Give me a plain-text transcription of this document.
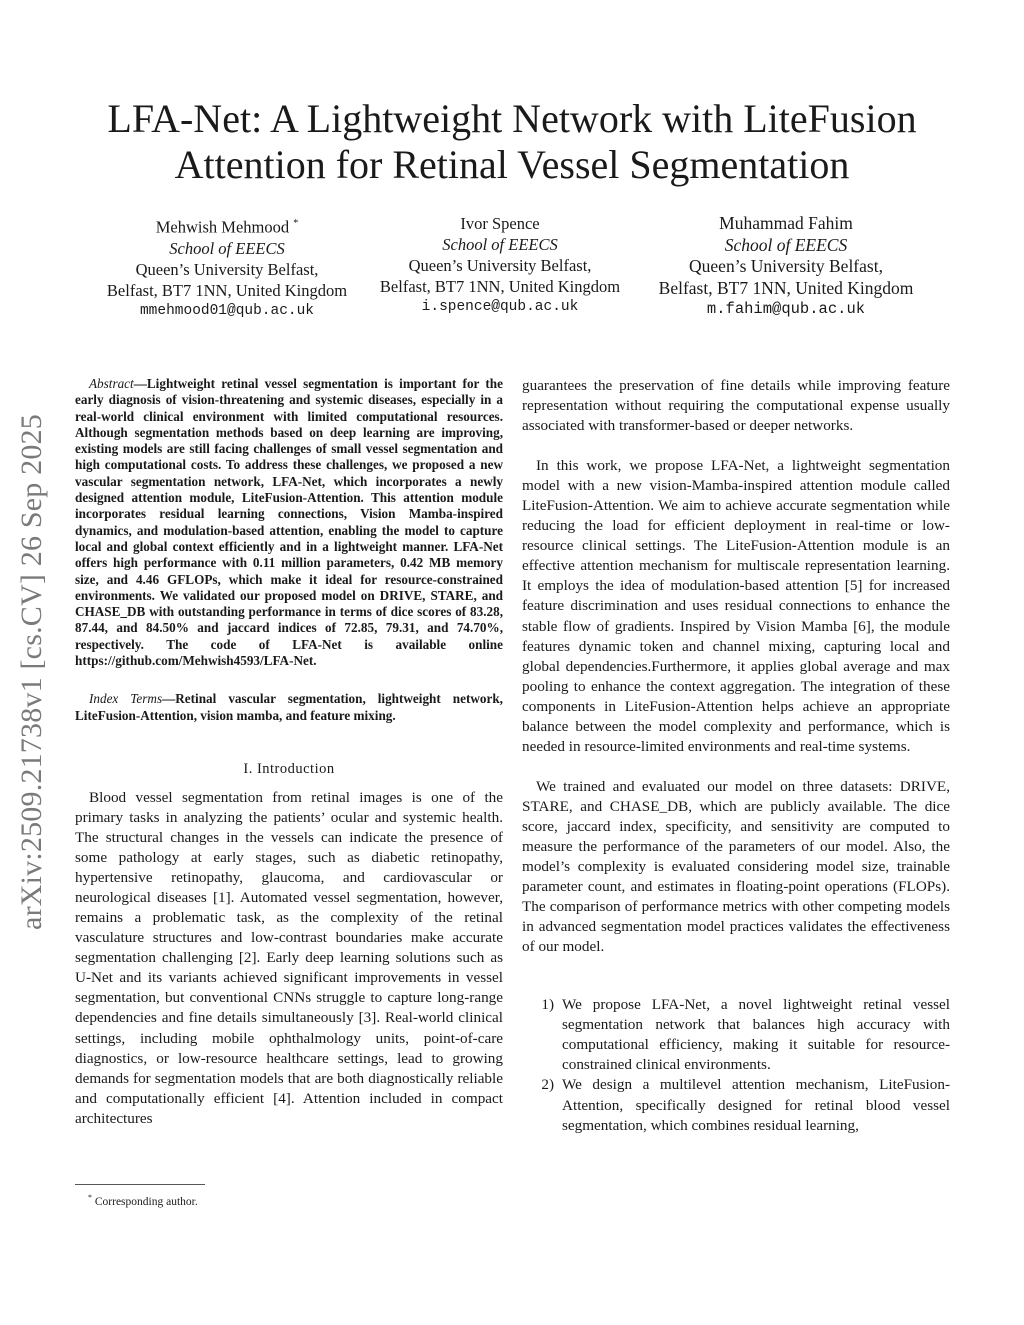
arXiv:2509.21738v1 [cs.CV] 26 Sep 2025
LFA-Net: A Lightweight Network with LiteFusion
Attention for Retinal Vessel Segmentation
Mehwish Mehmood *
School of EEECS
Queen’s University Belfast,
Belfast, BT7 1NN, United Kingdom
mmehmood01@qub.ac.uk
Ivor Spence
School of EEECS
Queen’s University Belfast,
Belfast, BT7 1NN, United Kingdom
i.spence@qub.ac.uk
Muhammad Fahim
School of EEECS
Queen’s University Belfast,
Belfast, BT7 1NN, United Kingdom
m.fahim@qub.ac.uk

Abstract—Lightweight retinal vessel segmentation is important for the early diagnosis of vision-threatening and systemic diseases, especially in a real-world clinical environment with limited computational resources. Although segmentation methods based on deep learning are improving, existing models are still facing challenges of small vessel segmentation and high computational costs. To address these challenges, we proposed a new vascular segmentation network, LFA-Net, which incorporates a newly designed attention module, LiteFusion-Attention. This attention module incorporates residual learning connections, Vision Mamba-inspired dynamics, and modulation-based attention, enabling the model to capture local and global context efficiently and in a lightweight manner. LFA-Net offers high performance with 0.11 million parameters, 0.42 MB memory size, and 4.46 GFLOPs, which make it ideal for resource-constrained environments. We validated our proposed model on DRIVE, STARE, and CHASE_DB with outstanding performance in terms of dice scores of 83.28, 87.44, and 84.50% and jaccard indices of 72.85, 79.31, and 74.70%, respectively. The code of LFA-Net is available online https://github.com/Mehwish4593/LFA-Net.

Index Terms—Retinal vascular segmentation, lightweight network, LiteFusion-Attention, vision mamba, and feature mixing.

I. Introduction

Blood vessel segmentation from retinal images is one of the primary tasks in analyzing the patients’ ocular and systemic health. The structural changes in the vessels can indicate the presence of some pathology at early stages, such as diabetic retinopathy, hypertensive retinopathy, glaucoma, and cardiovascular or neurological diseases [1]. Automated vessel segmentation, however, remains a problematic task, as the complexity of the retinal vasculature structures and low-contrast boundaries make accurate segmentation challenging [2]. Early deep learning solutions such as U-Net and its variants achieved significant improvements in vessel segmentation, but conventional CNNs struggle to capture long-range dependencies and fine details simultaneously [3]. Real-world clinical settings, including mobile ophthalmology units, point-of-care diagnostics, or low-resource healthcare settings, lead to growing demands for segmentation models that are both diagnostically reliable and computationally efficient [4]. Attention included in compact architectures

* Corresponding author.

guarantees the preservation of fine details while improving feature representation without requiring the computational expense usually associated with transformer-based or deeper networks.

In this work, we propose LFA-Net, a lightweight segmentation model with a new vision-Mamba-inspired attention module called LiteFusion-Attention. We aim to achieve accurate segmentation while reducing the load for efficient deployment in real-time or low-resource clinical settings. The LiteFusion-Attention module is an effective attention mechanism for multiscale representation learning. It employs the idea of modulation-based attention [5] for increased feature discrimination and uses residual connections to enhance the stable flow of gradients. Inspired by Vision Mamba [6], the module features dynamic token and channel mixing, capturing local and global dependencies.Furthermore, it applies global average and max pooling to enhance the context aggregation. The integration of these components in LiteFusion-Attention helps achieve an appropriate balance between the model complexity and performance, which is needed in resource-limited environments and real-time systems.

We trained and evaluated our model on three datasets: DRIVE, STARE, and CHASE_DB, which are publicly available. The dice score, jaccard index, specificity, and sensitivity are computed to measure the performance of the parameters of our model. Also, the model’s complexity is evaluated considering model size, trainable parameter count, and estimates in floating-point operations (FLOPs). The comparison of performance metrics with other competing models in advanced segmentation model practices validates the effectiveness of our model.

1) We propose LFA-Net, a novel lightweight retinal vessel segmentation network that balances high accuracy with computational efficiency, making it suitable for resource-constrained clinical environments.
2) We design a multilevel attention mechanism, LiteFusion-Attention, specifically designed for retinal blood vessel segmentation, which combines residual learning,
